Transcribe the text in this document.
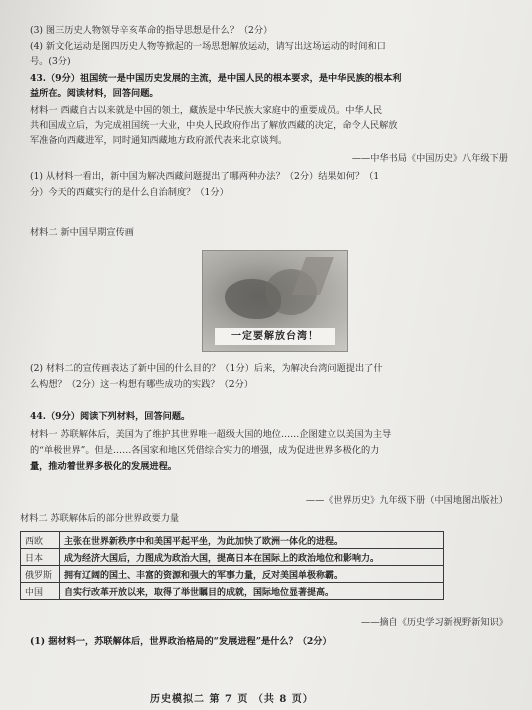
(3) 图三历史人物领导辛亥革命的指导思想是什么？（2分）
(4) 新文化运动是图四历史人物等掀起的一场思想解放运动，请写出这场运动的时间和口
号。(3分)
43.（9分）祖国统一是中国历史发展的主流，是中国人民的根本要求，是中华民族的根本利
益所在。阅读材料，回答问题。
材料一 西藏自古以来就是中国的领土，藏族是中华民族大家庭中的重要成员。中华人民
共和国成立后，为完成祖国统一大业，中央人民政府作出了解放西藏的决定，命令人民解放
军准备向西藏进军，同时通知西藏地方政府派代表来北京谈判。
——中华书局《中国历史》八年级下册
(1) 从材料一看出，新中国为解决西藏问题提出了哪两种办法？（2分）结果如何？（1
分）今天的西藏实行的是什么自治制度？（1分）
材料二 新中国早期宣传画
一定要解放台湾！
(2) 材料二的宣传画表达了新中国的什么目的？（1分）后来，为解决台湾问题提出了什
么构想？（2分）这一构想有哪些成功的实践？（2分）
44.（9分）阅读下列材料，回答问题。
材料一 苏联解体后，美国为了维护其世界唯一超级大国的地位……企图建立以美国为主导
的“单极世界”。但是……各国家和地区凭借综合实力的增强，成为促进世界多极化的力
量，推动着世界多极化的发展进程。
——《世界历史》九年级下册（中国地图出版社）
材料二 苏联解体后的部分世界政要力量
西欧	主张在世界新秩序中和美国平起平坐，为此加快了欧洲一体化的进程。
日本	成为经济大国后，力图成为政治大国，提高日本在国际上的政治地位和影响力。
俄罗斯	拥有辽阔的国土、丰富的资源和强大的军事力量，反对美国单极称霸。
中国	自实行改革开放以来，取得了举世瞩目的成就，国际地位显著提高。
——摘自《历史学习新视野新知识》
(1) 据材料一，苏联解体后，世界政治格局的“发展进程”是什么？（2分）
历史模拟二 第 7 页 （共 8 页）
